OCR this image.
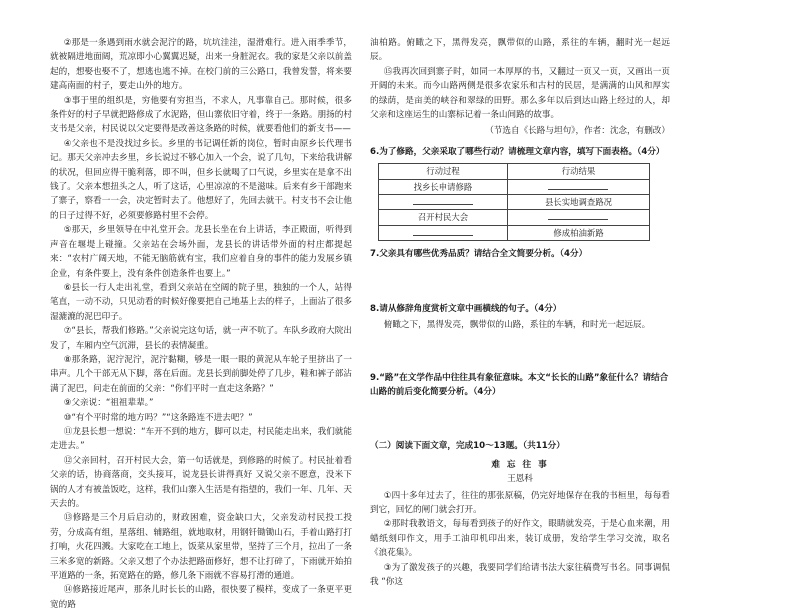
②那是一条遇到雨水就会泥泞的路，坑坑洼洼，湿滑难行。进入雨季季节，就被隔进地面阔，荒凉即小心翼翼迟疑，出来一身脏泥衣。我的家是父亲以前盖起的，想娶也娶不了，想逃也逃不掉。在校门前的三公路口，我曾发誓，将来要建高南面的村子，要走山外的地方。

③事于里的组织是，穷他要有穷担当，不求人，凡事靠自己。那时候，很多条件好的村子早就把路修成了水泥路，但山寨依旧守着，终于一条路。朋扬的村支书是父亲，村民说以父定要得是改善这条路的时候，就要看他们的新支书——

④父亲也不是没找过乡长。乡里的书记调任新的岗位，暂时由原乡长代理书记。那天父亲冲去乡里，乡长说过不够心加入一个会，说了几句，下来给我讲解的状况，但回应得干脆利落，即不叫，但乡长就喝了口气说，乡里实在是拿不出钱了。父亲本想扭头之人，听了这话，心里凉凉的不是滋味。后来有乡干部跑来了寨子，察看一一会，决定暂时去了。他想好了，先回去就干。村支书不会让他的日子过得不好，必须要修路村里不会停。

⑤那天，乡里领导在中礼堂开会。龙县长坐在台上讲话，李正殿面，听得到声音在堰堤上碰撞。父亲站在会场外面，龙县长的讲话带外面的村庄都提起来：“农村广阔天地，不能无脑筋就有宝，我们应着自身的事件的能力发展乡镇企业，有条件要上，没有条件创造条件也要上。”

⑥县长一行人走出礼堂，看到父亲站在空阔的院子里，独独的一个人，站得笔直，一动不动，只见动看的时候好像要把自己地基上去的样子，上面沾了很多湿漉漉的泥巴印子。

⑦“县长，帮我们修路。”父亲说完这句话，就一声不吭了。车队乡政府大院出发了，车厢内空气沉滞，县长的表情凝重。

⑧那条路，泥泞泥泞，泥泞黏糊，够是一眼一眼的黄泥从车轮子里挤出了一串声。几个干部无从下脚，落在后面。龙县长到前脚处停了几步，鞋和裤子部沾满了泥巴，问走在前面的父亲：“你们平时一直走这条路？”

⑨父亲说：“祖祖辈辈。”

⑩“有个平时常的地方吗？”“这条路连不进去吧？”

⑪龙县长想一想说：“车开不到的地方，脚可以走，村民能走出来，我们就能走进去。”

⑫父亲回村，召开村民大会，第一句话就是，到修路的时候了。村民扯着看父亲的话，协商落商，交头接耳，说龙县长讲得真好 又说父亲不愿意，没米下锅的人才有被盖饭吃，这样，我们山寨入生活是有指望的，我们一年、几年、天天去的。

⑬修路是三个月后启动的，财政困难，资金缺口大，父亲发动村民投工投劳，分成高有组，星落组、辅路组，就地取材，用钢钎锄锄山石，手着山路打打打响，火花四溅。大家吃在工地上，饭菜从家里带，坚持了三个月，拉出了一条三米多宽的新路。父亲又想了个办法把路面修好，想不让打碎了，下雨就开始拍平道路的一条，拓宽路在的路，修几条下雨就不容易打滑的通道。

⑭修路接近尾声，那条儿时长长的山路，很快要了模样，变成了一条更平更宽的路

油柏路。俯瞰之下，黑得发亮，飘带似的山路，系往的车辆，翻时光一起远辰。

⑮我再次回到寨子时，如同一本厚厚的书，又翻过一页又一页，又画出一页开阔的未来。而今山路两侧是很多农家乐和古村的民居，是满满的山风和厚实的绿荫，是亩美的峡谷和翠绿的田野。那么多年以后到达山路上经过的人，却父亲和这座运生的山寨标记着一条山间路的故事。

（节选自《长路与坦句》，作者：沈念，有删改）

6.为了修路，父亲采取了哪些行动？请梳理文章内容，填写下面表格。（4分）

行动过程	行动结果
找乡长申请修路	
	县长实地调查路况
召开村民大会	
	修成柏油新路

7.父亲具有哪些优秀品质？请结合全文简要分析。（4分）

8.请从修辞角度赏析文章中画横线的句子。（4分）

俯瞰之下，黑得发亮，飘带似的山路，系往的车辆，和时光一起远辰。

9.“路”在文学作品中往往具有象征意味。本文“长长的山路”象征什么？请结合山路的前后变化简要分析。（4分）

（二）阅读下面文章，完成10～13题。（共11分）

难 忘 往 事

王恩科

①四十多年过去了，往往的那张原稿，仍完好地保存在我的书桓里，每每看到它，回忆的闸门就会打开。

②那时我教语文，每每看到孩子的好作文，眼睛就发亮，于是心血来潮，用蜡纸刻印作文，用手工油印机印出来，装订成册，发给学生学习交流，取名《浪花集》。

③为了激发孩子的兴趣，我要同学们给请书法大家往稿费写书名。同事调侃我 “你这
